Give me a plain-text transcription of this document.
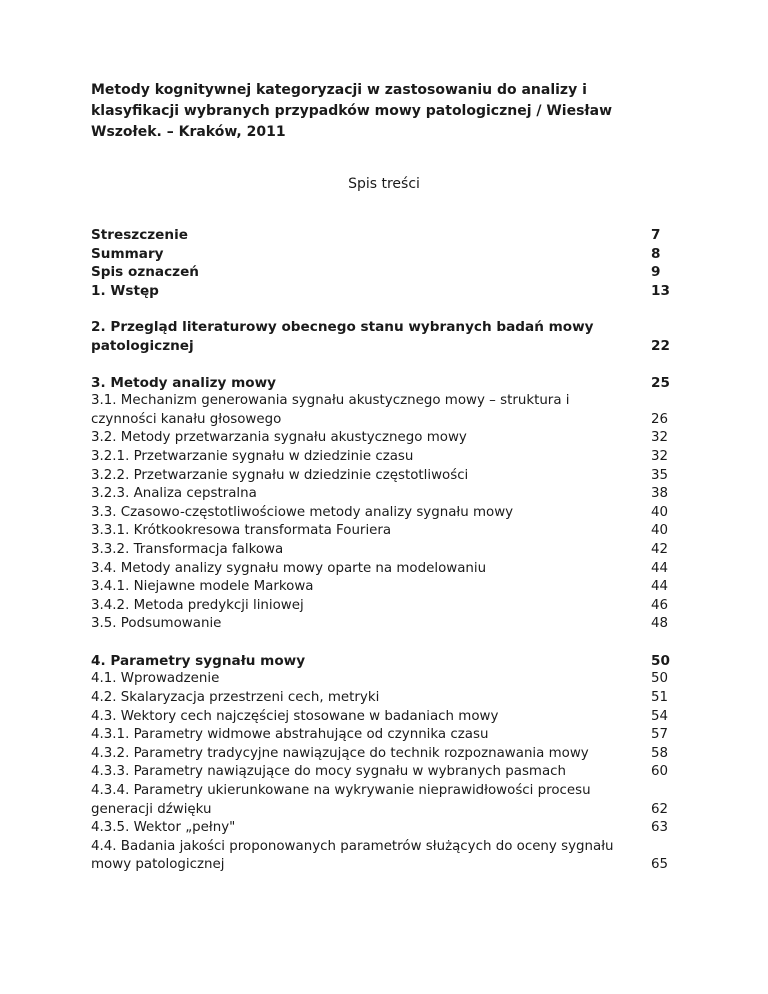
Metody kognitywnej kategoryzacji w zastosowaniu do analizy i klasyfikacji wybranych przypadków mowy patologicznej / Wiesław Wszołek. – Kraków, 2011
Spis treści
Streszczenie	7
Summary	8
Spis oznaczeń	9
1. Wstęp	13
2. Przegląd literaturowy obecnego stanu wybranych badań mowy patologicznej	22
3. Metody analizy mowy	25
3.1. Mechanizm generowania sygnału akustycznego mowy – struktura i czynności kanału głosowego	26
3.2. Metody przetwarzania sygnału akustycznego mowy	32
3.2.1. Przetwarzanie sygnału w dziedzinie czasu	32
3.2.2. Przetwarzanie sygnału w dziedzinie częstotliwości	35
3.2.3. Analiza cepstralna	38
3.3. Czasowo-częstotliwościowe metody analizy sygnału mowy	40
3.3.1. Krótkookresowa transformata Fouriera	40
3.3.2. Transformacja falkowa	42
3.4. Metody analizy sygnału mowy oparte na modelowaniu	44
3.4.1. Niejawne modele Markowa	44
3.4.2. Metoda predykcji liniowej	46
3.5. Podsumowanie	48
4. Parametry sygnału mowy	50
4.1. Wprowadzenie	50
4.2. Skalaryzacja przestrzeni cech, metryki	51
4.3. Wektory cech najczęściej stosowane w badaniach mowy	54
4.3.1. Parametry widmowe abstrahujące od czynnika czasu	57
4.3.2. Parametry tradycyjne nawiązujące do technik rozpoznawania mowy	58
4.3.3. Parametry nawiązujące do mocy sygnału w wybranych pasmach	60
4.3.4. Parametry ukierunkowane na wykrywanie nieprawidłowości procesu generacji dźwięku	62
4.3.5. Wektor „pełny"	63
4.4. Badania jakości proponowanych parametrów służących do oceny sygnału mowy patologicznej	65
